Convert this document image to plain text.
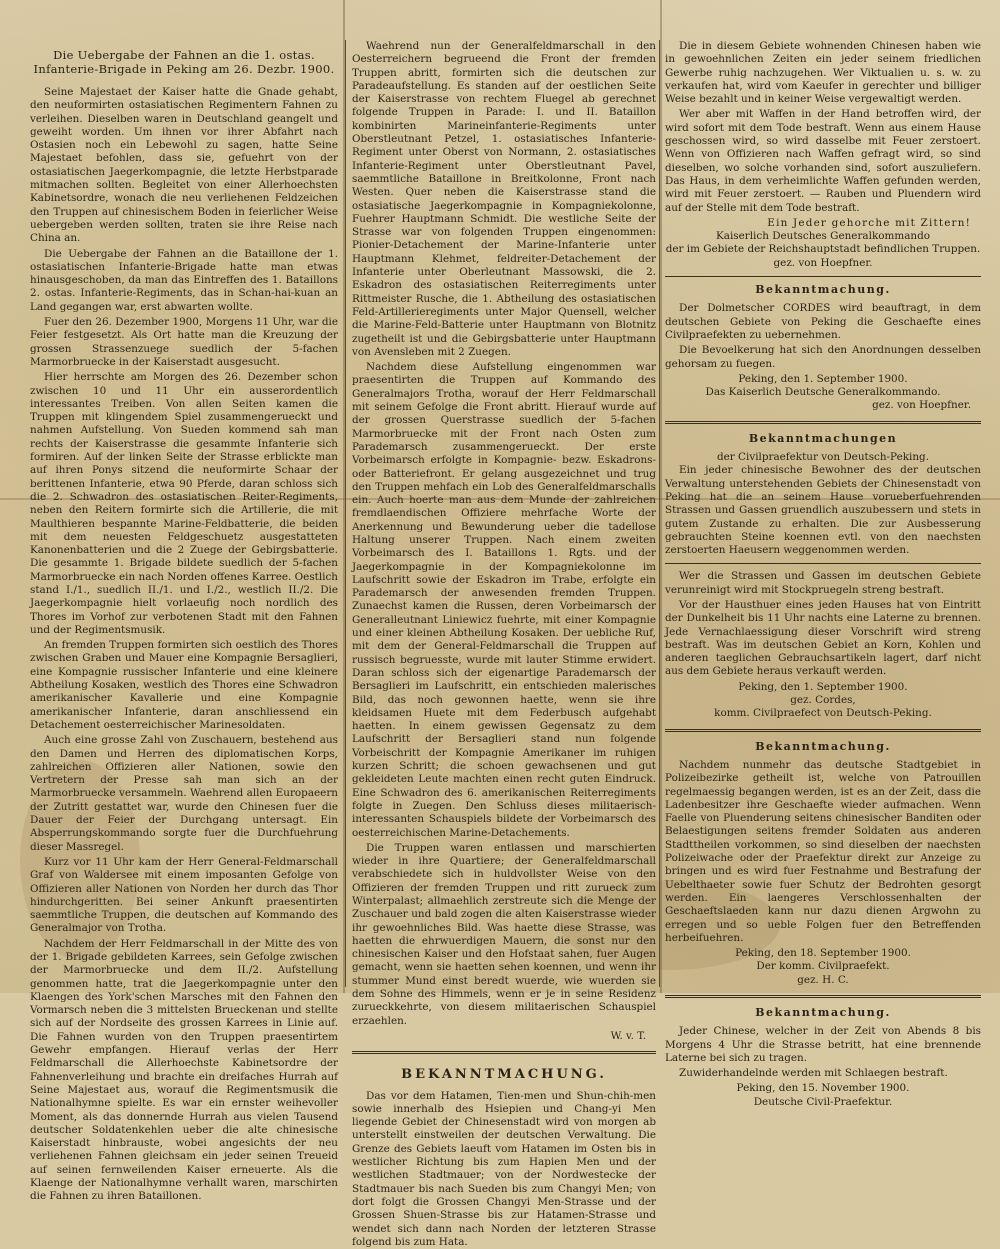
Die Uebergabe der Fahnen an die 1. ostas.
Infanterie-Brigade in Peking am 26. Dezbr. 1900.

Seine Majestaet der Kaiser hatte die Gnade gehabt, den neuformirten ostasiatischen Regimentern Fahnen zu verleihen. Dieselben waren in Deutschland geangelt und geweiht worden. Um ihnen vor ihrer Abfahrt nach Ostasien noch ein Lebewohl zu sagen, hatte Seine Majestaet befohlen, dass sie, gefuehrt von der ostasiatischen Jaegerkompagnie, die letzte Herbstparade mitmachen sollten. Begleitet von einer Allerhoechsten Kabinetsordre, wonach die neu verliehenen Feldzeichen den Truppen auf chinesischem Boden in feierlicher Weise uebergeben werden sollten, traten sie ihre Reise nach China an.

Die Uebergabe der Fahnen an die Bataillone der 1. ostasiatischen Infanterie-Brigade hatte man etwas hinausgeschoben, da man das Eintreffen des 1. Bataillons 2. ostas. Infanterie-Regiments, das in Schan-hai-kuan an Land gegangen war, erst abwarten wollte.

Fuer den 26. Dezember 1900, Morgens 11 Uhr, war die Feier festgesetzt. Als Ort hatte man die Kreuzung der grossen Strassenzuege suedlich der 5-fachen Marmorbruecke in der Kaiserstadt ausgesucht.

Hier herrschte am Morgen des 26. Dezember schon zwischen 10 und 11 Uhr ein ausserordentlich interessantes Treiben. Von allen Seiten kamen die Truppen mit klingendem Spiel zusammengerueckt und nahmen Aufstellung. Von Sueden kommend sah man rechts der Kaiserstrasse die gesammte Infanterie sich formiren. Auf der linken Seite der Strasse erblickte man auf ihren Ponys sitzend die neuformirte Schaar der berittenen Infanterie, etwa 90 Pferde, daran schloss sich die 2. Schwadron des ostasiatischen Reiter-Regiments, neben den Reitern formirte sich die Artillerie, die mit Maulthieren bespannte Marine-Feldbatterie, die beiden mit dem neuesten Feldgeschuetz ausgestatteten Kanonenbatterien und die 2 Zuege der Gebirgsbatterie. Die gesammte 1. Brigade bildete suedlich der 5-fachen Marmorbruecke ein nach Norden offenes Karree. Oestlich stand I./1., suedlich II./1. und I./2., westlich II./2. Die Jaegerkompagnie hielt vorlaeufig noch nordlich des Thores im Vorhof zur verbotenen Stadt mit den Fahnen und der Regimentsmusik.

An fremden Truppen formirten sich oestlich des Thores zwischen Graben und Mauer eine Kompagnie Bersaglieri, eine Kompagnie russischer Infanterie und eine kleinere Abtheilung Kosaken, westlich des Thores eine Schwadron amerikanischer Kavallerie und eine Kompagnie amerikanischer Infanterie, daran anschliessend ein Detachement oesterreichischer Marinesoldaten.

Auch eine grosse Zahl von Zuschauern, bestehend aus den Damen und Herren des diplomatischen Korps, zahlreichen Offizieren aller Nationen, sowie den Vertretern der Presse sah man sich an der Marmorbruecke versammeln. Waehrend allen Europaeern der Zutritt gestattet war, wurde den Chinesen fuer die Dauer der Feier der Durchgang untersagt. Ein Absperrungskommando sorgte fuer die Durchfuehrung dieser Massregel.

Kurz vor 11 Uhr kam der Herr General-Feldmarschall Graf von Waldersee mit einem imposanten Gefolge von Offizieren aller Nationen von Norden her durch das Thor hindurchgeritten. Bei seiner Ankunft praesentirten saemmtliche Truppen, die deutschen auf Kommando des Generalmajor von Trotha.

Nachdem der Herr Feldmarschall in der Mitte des von der 1. Brigade gebildeten Karrees, sein Gefolge zwischen der Marmorbruecke und dem II./2. Aufstellung genommen hatte, trat die Jaegerkompagnie unter den Klaengen des York'schen Marsches mit den Fahnen den Vormarsch neben die 3 mittelsten Brueckenan und stellte sich auf der Nordseite des grossen Karrees in Linie auf. Die Fahnen wurden von den Truppen praesentirtem Gewehr empfangen. Hierauf verlas der Herr Feldmarschall die Allerhoechste Kabinetsordre der Fahnenverleihung und brachte ein dreifaches Hurrah auf Seine Majestaet aus, worauf die Regimentsmusik die Nationalhymne spielte. Es war ein ernster weihevoller Moment, als das donnernde Hurrah aus vielen Tausend deutscher Soldatenkehlen ueber die alte chinesische Kaiserstadt hinbrauste, wobei angesichts der neu verliehenen Fahnen gleichsam ein jeder seinen Treueid auf seinen fernweilenden Kaiser erneuerte. Als die Klaenge der Nationalhymne verhallt waren, marschirten die Fahnen zu ihren Bataillonen.

Waehrend nun der Generalfeldmarschall in den Oesterreichern begrueend die Front der fremden Truppen abritt, formirten sich die deutschen zur Paradeaufstellung. Es standen auf der oestlichen Seite der Kaiserstrasse von rechtem Fluegel ab gerechnet folgende Truppen in Parade: I. und II. Bataillon kombinirten Marineinfanterie-Regiments unter Oberstleutnant Petzel, 1. ostasiatisches Infanterie-Regiment unter Oberst von Normann, 2. ostasiatisches Infanterie-Regiment unter Oberstleutnant Pavel, saemmtliche Bataillone in Breitkolonne, Front nach Westen. Quer neben die Kaiserstrasse stand die ostasiatische Jaegerkompagnie in Kompagniekolonne, Fuehrer Hauptmann Schmidt. Die westliche Seite der Strasse war von folgenden Truppen eingenommen: Pionier-Detachement der Marine-Infanterie unter Hauptmann Klehmet, feldreiter-Detachement der Infanterie unter Oberleutnant Massowski, die 2. Eskadron des ostasiatischen Reiterregiments unter Rittmeister Rusche, die 1. Abtheilung des ostasiatischen Feld-Artillerieregiments unter Major Quensell, welcher die Marine-Feld-Batterie unter Hauptmann von Blotnitz zugetheilt ist und die Gebirgsbatterie unter Hauptmann von Avensleben mit 2 Zuegen.

Nachdem diese Aufstellung eingenommen war praesentirten die Truppen auf Kommando des Generalmajors Trotha, worauf der Herr Feldmarschall mit seinem Gefolge die Front abritt. Hierauf wurde auf der grossen Querstrasse suedlich der 5-fachen Marmorbruecke mit der Front nach Osten zum Parademarsch zusammengerueckt. Der erste Vorbeimarsch erfolgte in Kompagnie- bezw. Eskadrons- oder Batteriefront. Er gelang ausgezeichnet und trug den Truppen mehfach ein Lob des Generalfeldmarschalls ein. Auch hoerte man aus dem Munde der zahlreichen fremdlaendischen Offiziere mehrfache Worte der Anerkennung und Bewunderung ueber die tadellose Haltung unserer Truppen. Nach einem zweiten Vorbeimarsch des I. Bataillons 1. Rgts. und der Jaegerkompagnie in der Kompagniekolonne im Laufschritt sowie der Eskadron im Trabe, erfolgte ein Parademarsch der anwesenden fremden Truppen. Zunaechst kamen die Russen, deren Vorbeimarsch der Generalleutnant Liniewicz fuehrte, mit einer Kompagnie und einer kleinen Abtheilung Kosaken. Der uebliche Ruf, mit dem der General-Feldmarschall die Truppen auf russisch begruesste, wurde mit lauter Stimme erwidert. Daran schloss sich der eigenartige Parademarsch der Bersaglieri im Laufschritt, ein entschieden malerisches Bild, das noch gewonnen haette, wenn sie ihre kleidsamen Huete mit dem Federbusch aufgehabt haetten. In einem gewissen Gegensatz zu dem Laufschritt der Bersaglieri stand nun folgende Vorbeischritt der Kompagnie Amerikaner im ruhigen kurzen Schritt; die schoen gewachsenen und gut gekleideten Leute machten einen recht guten Eindruck. Eine Schwadron des 6. amerikanischen Reiterregiments folgte in Zuegen. Den Schluss dieses militaerisch-interessanten Schauspiels bildete der Vorbeimarsch des oesterreichischen Marine-Detachements.

Die Truppen waren entlassen und marschierten wieder in ihre Quartiere; der Generalfeldmarschall verabschiedete sich in huldvollster Weise von den Offizieren der fremden Truppen und ritt zurueck zum Winterpalast; allmaehlich zerstreute sich die Menge der Zuschauer und bald zogen die alten Kaiserstrasse wieder ihr gewoehnliches Bild. Was haette diese Strasse, was haetten die ehrwuerdigen Mauern, die sonst nur den chinesischen Kaiser und den Hofstaat sahen, fuer Augen gemacht, wenn sie haetten sehen koennen, und wenn ihr stummer Mund einst beredt wuerde, wie wuerden sie dem Sohne des Himmels, wenn er je in seine Residenz zurueckkehrte, von diesem militaerischen Schauspiel erzaehlen.

W. v. T.
BEKANNTMACHUNG.

Das vor dem Hatamen, Tien-men und Shun-chih-men sowie innerhalb des Hsiepien und Chang-yi Men liegende Gebiet der Chinesenstadt wird von morgen ab unterstellt einstweilen der deutschen Verwaltung. Die Grenze des Gebiets laeuft vom Hatamen im Osten bis in westlicher Richtung bis zum Hapien Men und der westlichen Stadtmauer; von der Nordwestecke der Stadtmauer bis nach Sueden bis zum Changyi Men; von dort folgt die Grossen Changyi Men-Strasse und der Grossen Shuen-Strasse bis zur Hatamen-Strasse und wendet sich dann nach Norden der letzteren Strasse folgend bis zum Hata.

Die in diesem Gebiete wohnenden Chinesen haben wie in gewoehnlichen Zeiten ein jeder seinem friedlichen Gewerbe ruhig nachzugehen. Wer Viktualien u. s. w. zu verkaufen hat, wird vom Kaeufer in gerechter und billiger Weise bezahlt und in keiner Weise vergewaltigt werden.

Wer aber mit Waffen in der Hand betroffen wird, der wird sofort mit dem Tode bestraft. Wenn aus einem Hause geschossen wird, so wird dasselbe mit Feuer zerstoert. Wenn von Offizieren nach Waffen gefragt wird, so sind dieselben, wo solche vorhanden sind, sofort auszuliefern. Das Haus, in dem verheimlichte Waffen gefunden werden, wird mit Feuer zerstoert. — Rauben und Pluendern wird auf der Stelle mit dem Tode bestraft.

Ein Jeder gehorche mit Zittern!
Kaiserlich Deutsches Generalkommando
der im Gebiete der Reichshauptstadt befindlichen Truppen.
gez. von Hoepfner.
Bekanntmachung.

Der Dolmetscher CORDES wird beauftragt, in dem deutschen Gebiete von Peking die Geschaefte eines Civilpraefekten zu uebernehmen.

Die Bevoelkerung hat sich den Anordnungen desselben gehorsam zu fuegen.

Peking, den 1. September 1900.
Das Kaiserlich Deutsche Generalkommando.
gez. von Hoepfner.
Bekanntmachungen
der Civilpraefektur von Deutsch-Peking.

Ein jeder chinesische Bewohner des der deutschen Verwaltung unterstehenden Gebiets der Chinesenstadt von Peking hat die an seinem Hause vorueberfuehrenden Strassen und Gassen gruendlich auszubessern und stets in gutem Zustande zu erhalten. Die zur Ausbesserung gebrauchten Steine koennen evtl. von den naechsten zerstoerten Haeusern weggenommen werden.

Wer die Strassen und Gassen im deutschen Gebiete verunreinigt wird mit Stockpruegeln streng bestraft.

Vor der Hausthuer eines jeden Hauses hat von Eintritt der Dunkelheit bis 11 Uhr nachts eine Laterne zu brennen. Jede Vernachlaessigung dieser Vorschrift wird streng bestraft. Was im deutschen Gebiet an Korn, Kohlen und anderen taeglichen Gebrauchsartikeln lagert, darf nicht aus dem Gebiete heraus verkauft werden.

Peking, den 1. September 1900.
gez. Cordes,
komm. Civilpraefect von Deutsch-Peking.
Bekanntmachung.

Nachdem nunmehr das deutsche Stadtgebiet in Polizeibezirke getheilt ist, welche von Patrouillen regelmaessig begangen werden, ist es an der Zeit, dass die Ladenbesitzer ihre Geschaefte wieder aufmachen. Wenn Faelle von Pluenderung seitens chinesischer Banditen oder Belaestigungen seitens fremder Soldaten aus anderen Stadttheilen vorkommen, so sind dieselben der naechsten Polizeiwache oder der Praefektur direkt zur Anzeige zu bringen und es wird fuer Festnahme und Bestrafung der Uebelthaeter sowie fuer Schutz der Bedrohten gesorgt werden. Ein laengeres Verschlossenhalten der Geschaeftslaeden kann nur dazu dienen Argwohn zu erregen und so ueble Folgen fuer den Betreffenden herbeifuehren.

Peking, den 18. September 1900.
Der komm. Civilpraefekt.
gez. H. C.
Bekanntmachung.

Jeder Chinese, welcher in der Zeit von Abends 8 bis Morgens 4 Uhr die Strasse betritt, hat eine brennende Laterne bei sich zu tragen.

Zuwiderhandelnde werden mit Schlaegen bestraft.

Peking, den 15. November 1900.
Deutsche Civil-Praefektur.
